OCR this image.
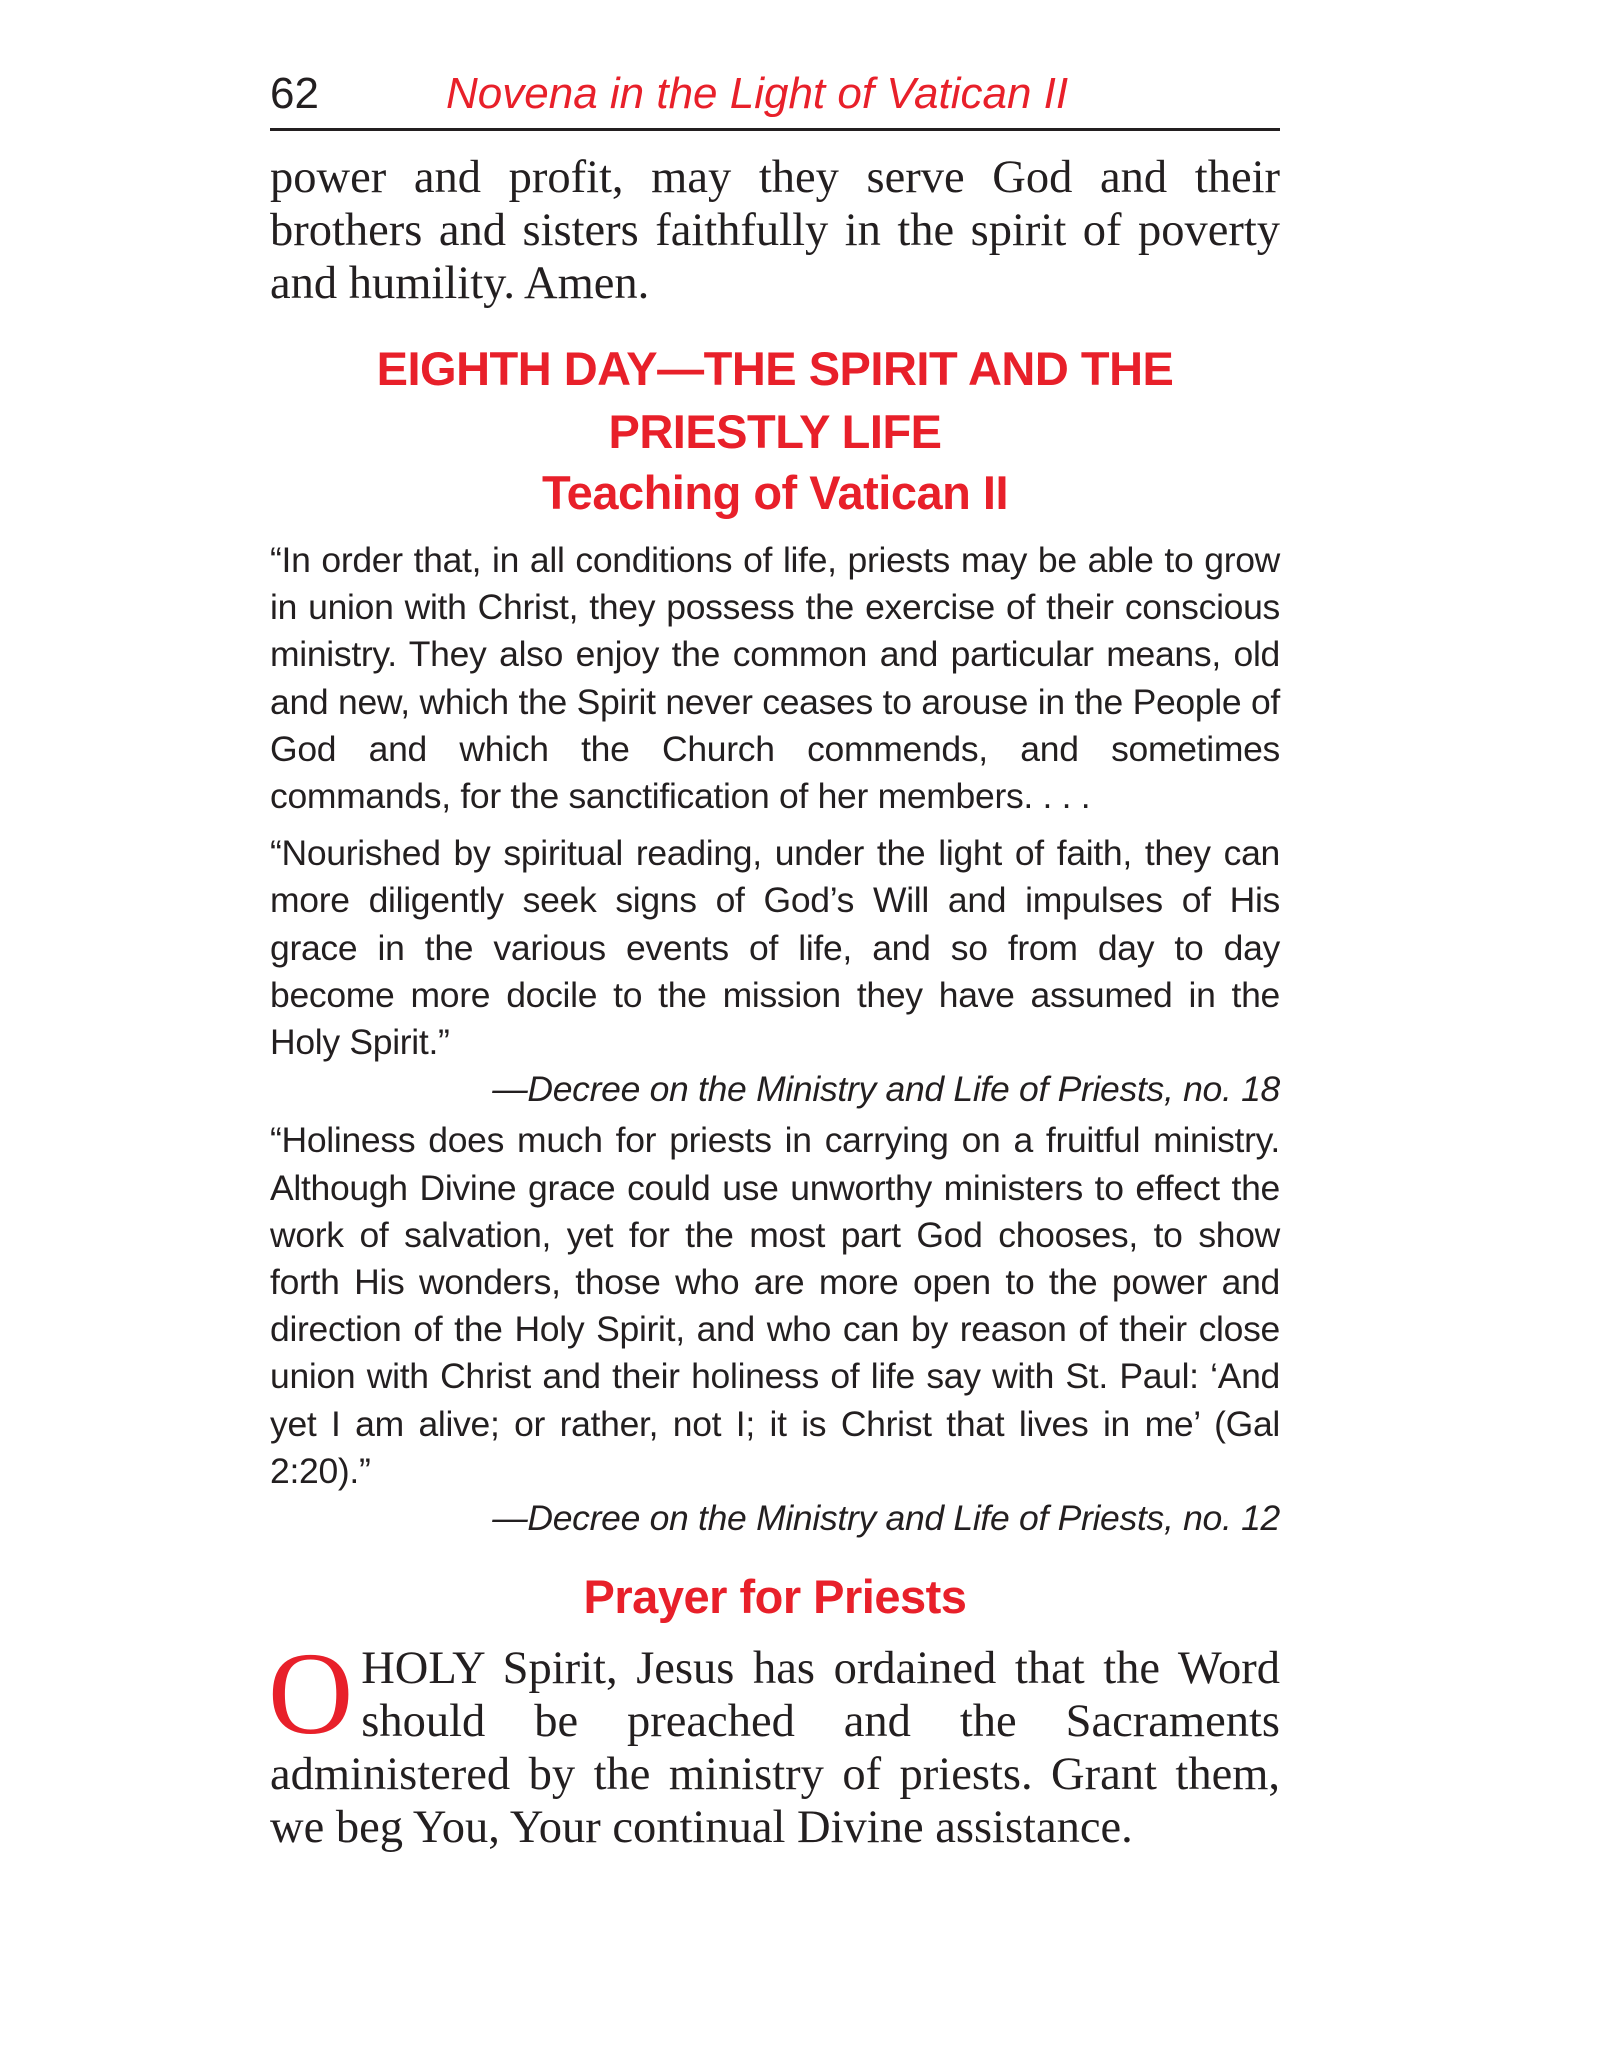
62	Novena in the Light of Vatican II

power and profit, may they serve God and their brothers and sisters faithfully in the spirit of poverty and humility. Amen.

EIGHTH DAY—THE SPIRIT AND THE
PRIESTLY LIFE
Teaching of Vatican II

“In order that, in all conditions of life, priests may be able to grow in union with Christ, they possess the exercise of their conscious ministry. They also enjoy the common and particular means, old and new, which the Spirit never ceases to arouse in the People of God and which the Church commends, and sometimes commands, for the sanctification of her members. . . .

“Nourished by spiritual reading, under the light of faith, they can more diligently seek signs of God’s Will and impulses of His grace in the various events of life, and so from day to day become more docile to the mission they have assumed in the Holy Spirit.”

—Decree on the Ministry and Life of Priests, no. 18

“Holiness does much for priests in carrying on a fruitful ministry. Although Divine grace could use unworthy ministers to effect the work of salvation, yet for the most part God chooses, to show forth His wonders, those who are more open to the power and direction of the Holy Spirit, and who can by reason of their close union with Christ and their holiness of life say with St. Paul: ‘And yet I am alive; or rather, not I; it is Christ that lives in me’ (Gal 2:20).”

—Decree on the Ministry and Life of Priests, no. 12

Prayer for Priests

O HOLY Spirit, Jesus has ordained that the Word should be preached and the Sacraments administered by the ministry of priests. Grant them, we beg You, Your continual Divine assistance.
